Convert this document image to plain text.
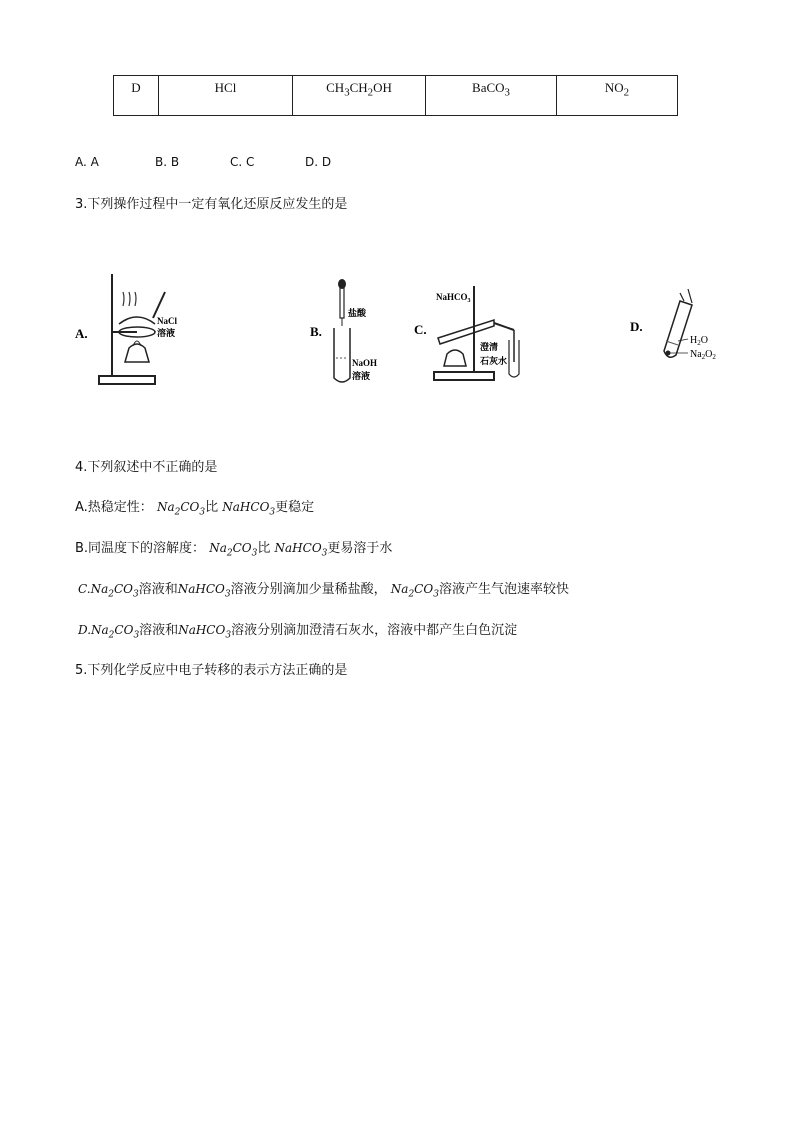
D	HCl	$CH_3CH_2OH$	BaCO$_3$	$NO_2$
A. A	B. B	C. C	D. D
3.下列操作过程中一定有氧化还原反应发生的是
A.
NaCl
溶液	B.
盐酸
NaOH
溶液
C.
NaHCO$_3$
澄清
石灰水
D.
$H_2O$
$Na_2O_2$
4.下列叙述中不正确的是
A.热稳定性： $Na_2CO_3$比 NaHCO$_3$更稳定
B.同温度下的溶解度： $Na_2CO_3$比 NaHCO$_3$更易溶于水
$C.Na_2CO_3$溶液和NaHCO$_3$溶液分别滴加少量稀盐酸， $Na_2CO_3$溶液产生气泡速率较快
$D.Na_2CO_3$溶液和NaHCO$_3$溶液分别滴加澄清石灰水，溶液中都产生白色沉淀
5.下列化学反应中电子转移的表示方法正确的是
